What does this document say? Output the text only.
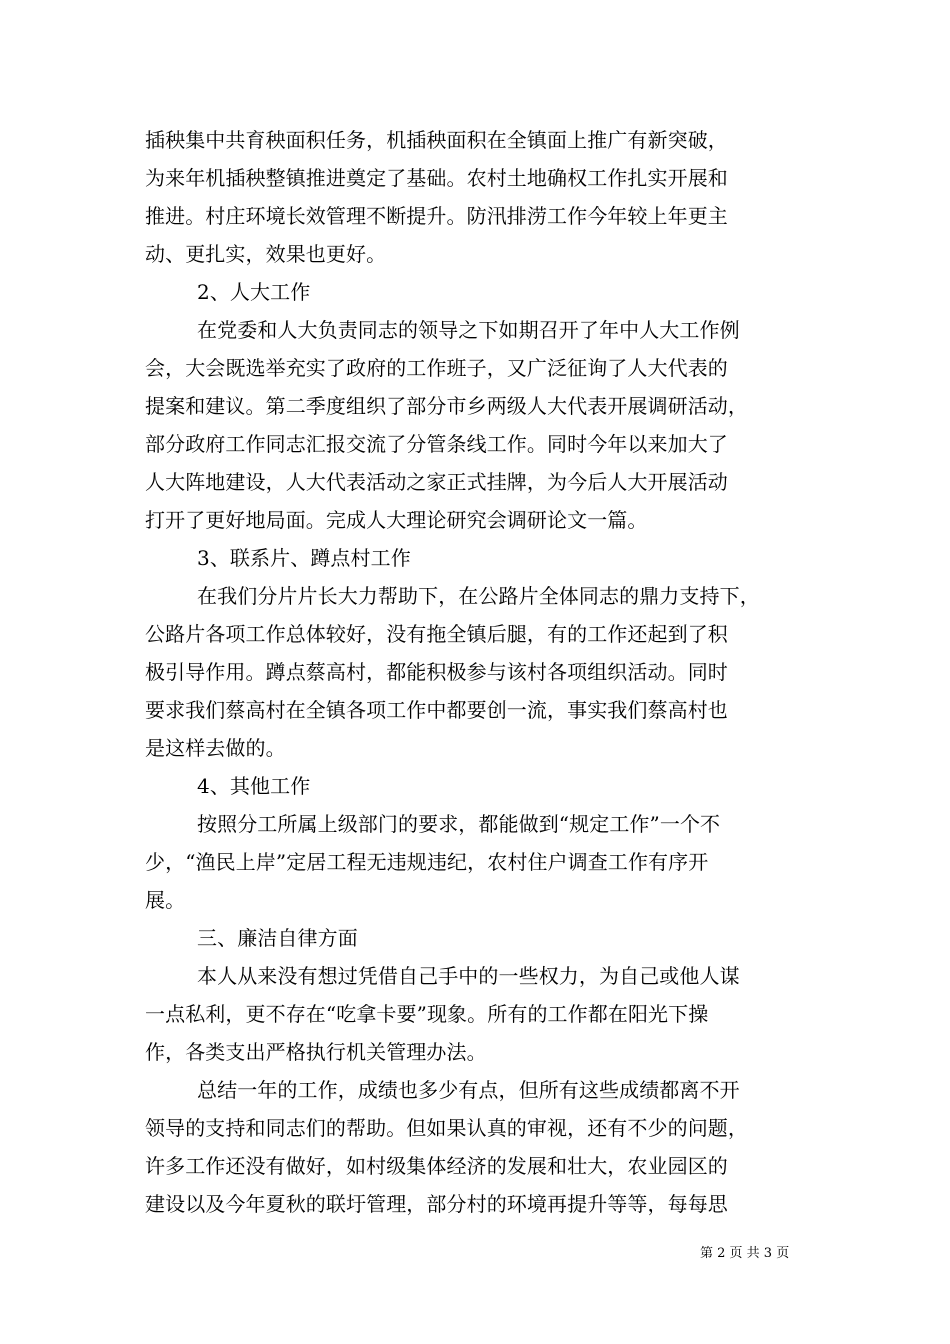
插秧集中共育秧面积任务，机插秧面积在全镇面上推广有新突破，
为来年机插秧整镇推进奠定了基础。农村土地确权工作扎实开展和
推进。村庄环境长效管理不断提升。防汛排涝工作今年较上年更主
动、更扎实，效果也更好。
2、人大工作
在党委和人大负责同志的领导之下如期召开了年中人大工作例
会，大会既选举充实了政府的工作班子，又广泛征询了人大代表的
提案和建议。第二季度组织了部分市乡两级人大代表开展调研活动，
部分政府工作同志汇报交流了分管条线工作。同时今年以来加大了
人大阵地建设，人大代表活动之家正式挂牌，为今后人大开展活动
打开了更好地局面。完成人大理论研究会调研论文一篇。
3、联系片、蹲点村工作
在我们分片片长大力帮助下，在公路片全体同志的鼎力支持下，
公路片各项工作总体较好，没有拖全镇后腿，有的工作还起到了积
极引导作用。蹲点蔡高村，都能积极参与该村各项组织活动。同时
要求我们蔡高村在全镇各项工作中都要创一流，事实我们蔡高村也
是这样去做的。
4、其他工作
按照分工所属上级部门的要求，都能做到“规定工作”一个不
少，“渔民上岸”定居工程无违规违纪，农村住户调查工作有序开
展。
三、廉洁自律方面
本人从来没有想过凭借自己手中的一些权力，为自己或他人谋
一点私利，更不存在“吃拿卡要”现象。所有的工作都在阳光下操
作，各类支出严格执行机关管理办法。
总结一年的工作，成绩也多少有点，但所有这些成绩都离不开
领导的支持和同志们的帮助。但如果认真的审视，还有不少的问题，
许多工作还没有做好，如村级集体经济的发展和壮大，农业园区的
建设以及今年夏秋的联圩管理，部分村的环境再提升等等，每每思
第 2 页 共 3 页
